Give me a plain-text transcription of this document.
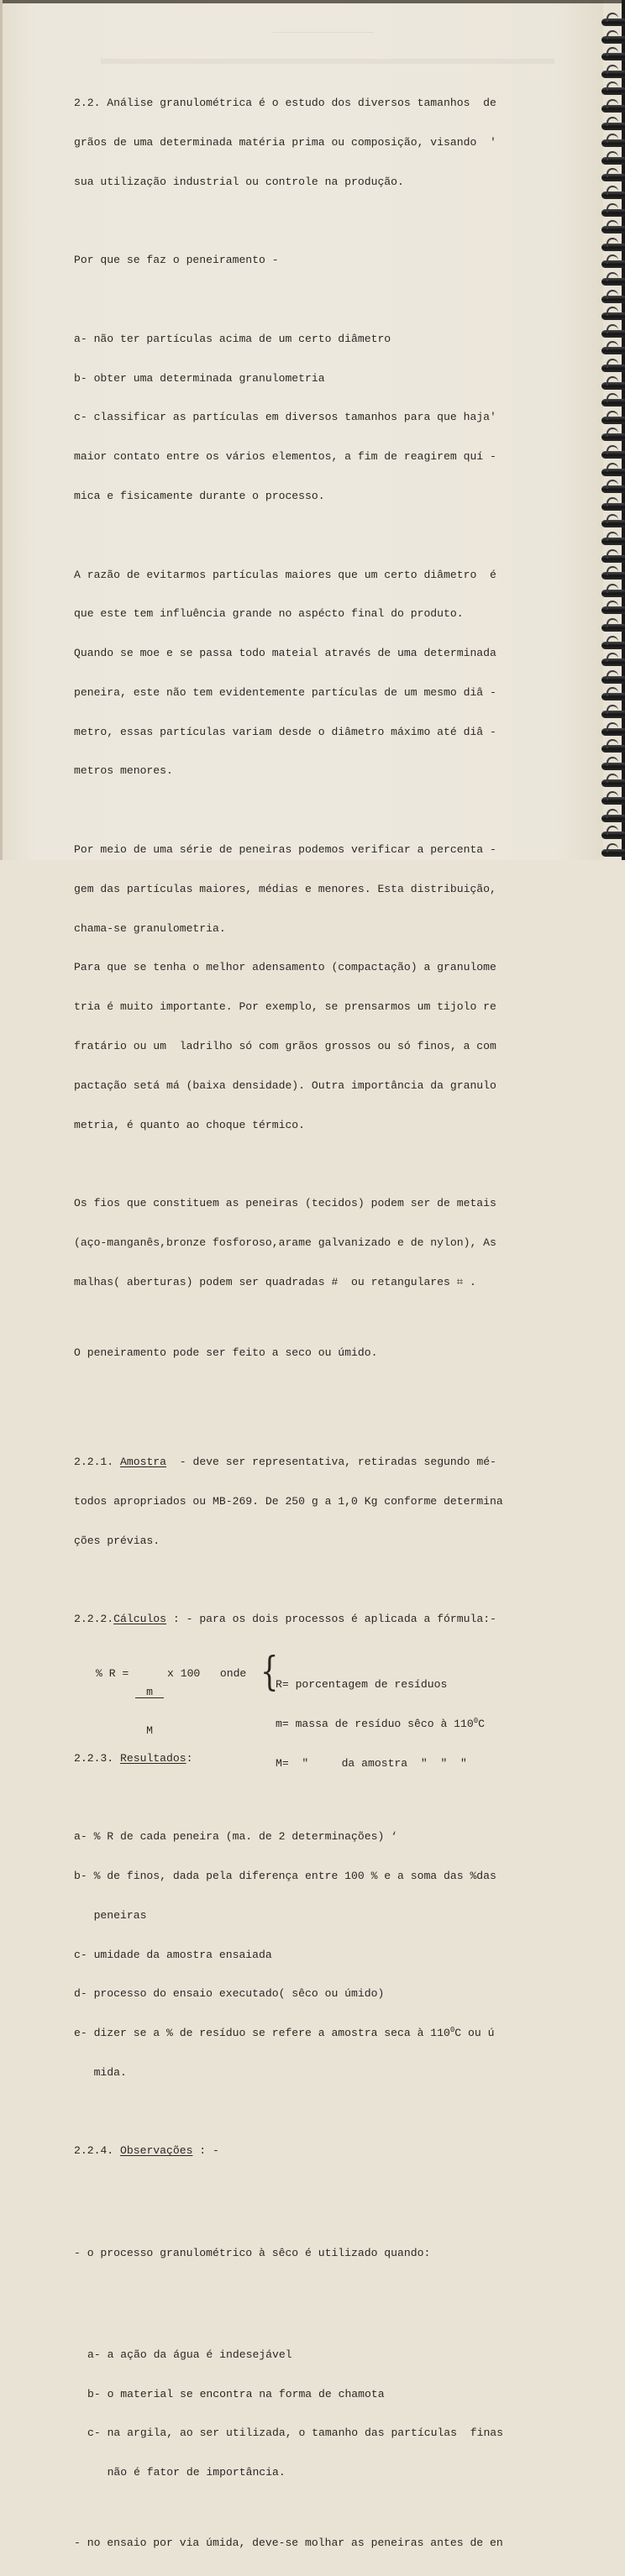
2.2. Análise granulométrica é o estudo dos diversos tamanhos  de

grãos de uma determinada matéria prima ou composição, visando  '

sua utilização industrial ou controle na produção.

Por que se faz o peneiramento -

a- não ter partículas acima de um certo diâmetro

b- obter uma determinada granulometria

c- classificar as partículas em diversos tamanhos para que haja'

maior contato entre os vários elementos, a fim de reagirem quí -

mica e fisicamente durante o processo.

A razão de evitarmos partículas maiores que um certo diâmetro  é

que este tem influência grande no aspécto final do produto.

Quando se moe e se passa todo mateial através de uma determinada

peneira, este não tem evidentemente partículas de um mesmo diâ -

metro, essas partículas variam desde o diâmetro máximo até diâ -

metros menores.

Por meio de uma série de peneiras podemos verificar a percenta -

gem das partículas maiores, médias e menores. Esta distribuição,

chama-se granulometria.

Para que se tenha o melhor adensamento (compactação) a granulome

tria é muito importante. Por exemplo, se prensarmos um tijolo re

fratário ou um  ladrilho só com grãos grossos ou só finos, a com

pactação setá má (baixa densidade). Outra importância da granulo

metria, é quanto ao choque térmico.

Os fios que constituem as peneiras (tecidos) podem ser de metais

(aço-manganês,bronze fosforoso,arame galvanizado e de nylon), As

malhas( aberturas) podem ser quadradas #  ou retangulares ⌗ .

O peneiramento pode ser feito a seco ou úmido.

2.2.1. Amostra  - deve ser representativa, retiradas segundo mé-

todos apropriados ou MB-269. De 250 g a 1,0 Kg conforme determina

ções prévias.

2.2.2.Cálculos : - para os dois processos é aplicada a fórmula:-

% R =

$\frac{m}{M}$

x 100   onde

{

R= porcentagem de resíduos

m= massa de resíduo sêco à $110^0C$

M=  "     da amostra  "  "  "

2.2.3. Resultados:

a- % R de cada peneira (ma. de 2 determinações) ‘

b- % de finos, dada pela diferença entre 100 % e a soma das %das

peneiras

c- umidade da amostra ensaiada

d- processo do ensaio executado( sêco ou úmido)

e- dizer se a % de resíduo se refere a amostra seca à $110^0C$ ou ú

mida.

2.2.4. Observações : -

- o processo granulométrico à sêco é utilizado quando:

a- a ação da água é indesejável

b- o material se encontra na forma de chamota

c- na argila, ao ser utilizada, o tamanho das partículas  finas

não é fator de importância.

- no ensaio por via úmida, deve-se molhar as peneiras antes de en
